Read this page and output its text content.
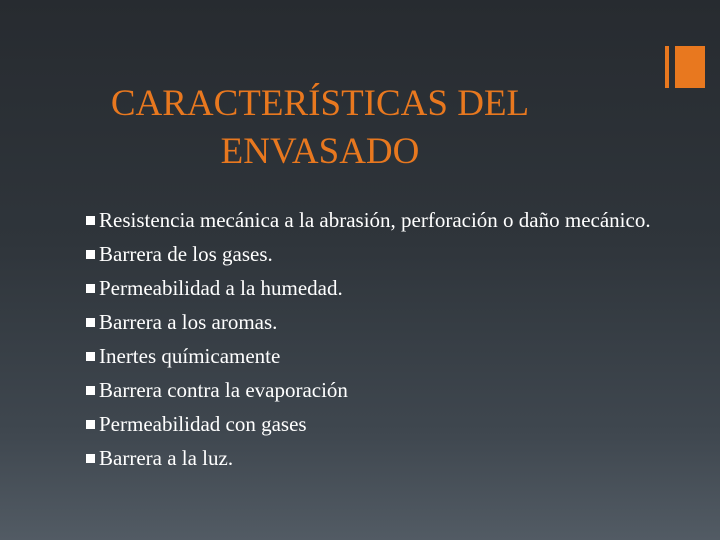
CARACTERÍSTICAS DEL
ENVASADO
Resistencia mecánica a la abrasión, perforación o daño mecánico.
Barrera de los gases.
Permeabilidad a la humedad.
Barrera a los aromas.
Inertes químicamente
Barrera contra la evaporación
Permeabilidad con gases
Barrera a la luz.
